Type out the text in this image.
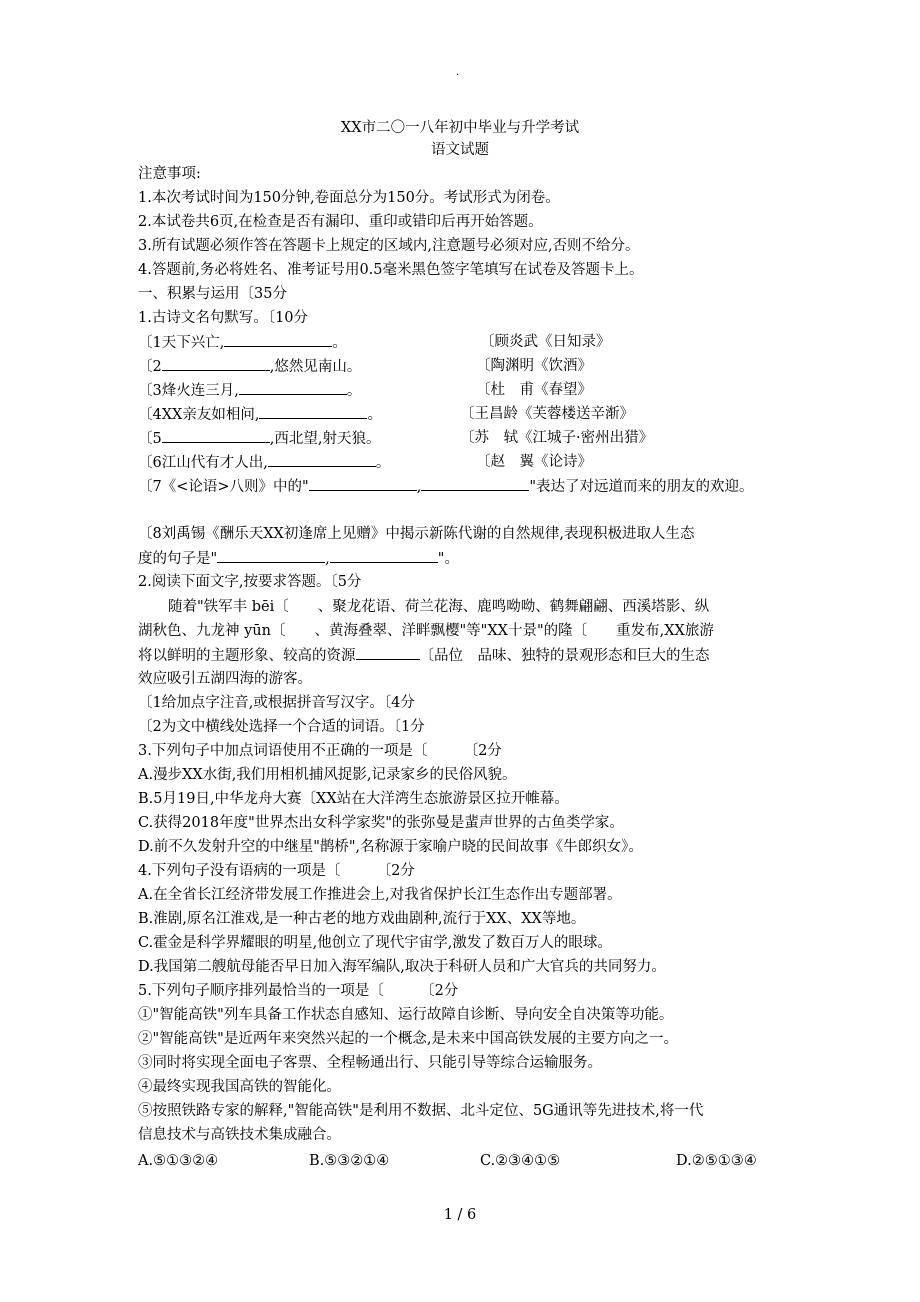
·
XX市二〇一八年初中毕业与升学考试
语文试题
注意事项:
1.本次考试时间为150分钟,卷面总分为150分。考试形式为闭卷。
2.本试卷共6页,在检查是否有漏印、重印或错印后再开始答题。
3.所有试题必须作答在答题卡上规定的区域内,注意题号必须对应,否则不给分。
4.答题前,务必将姓名、准考证号用0.5毫米黑色签字笔填写在试卷及答题卡上。
一、积累与运用〔35分
1.古诗文名句默写。〔10分
〔1天下兴亡,	。	〔顾炎武《日知录》
〔2	,悠然见南山。	〔陶渊明《饮酒》
〔3烽火连三月,	。	〔杜　甫《春望》
〔4XX亲友如相问,	。	〔王昌龄《芙蓉楼送辛渐》
〔5	,西北望,射天狼。	〔苏　轼《江城子·密州出猎》
〔6江山代有才人出,	。	〔赵　翼《论诗》
〔7《<论语>八则》中的"	,	"表达了对远道而来的朋友的欢迎。
〔8刘禹锡《酬乐天XX初逢席上见赠》中揭示新陈代谢的自然规律,表现积极进取人生态
度的句子是"	,	"。
2.阅读下面文字,按要求答题。〔5分
随着"铁军丰 bēi〔　　、聚龙花语、荷兰花海、鹿鸣呦呦、鹤舞翩翩、西溪塔影、纵
湖秋色、九龙神 yūn〔　　、黄海叠翠、洋畔飘樱"等"XX十景"的隆〔　　重发布,XX旅游
将以鲜明的主题形象、较高的资源	〔品位　品味、独特的景观形态和巨大的生态
效应吸引五湖四海的游客。
〔1给加点字注音,或根据拼音写汉字。〔4分
〔2为文中横线处选择一个合适的词语。〔1分
3.下列句子中加点词语使用不正确的一项是〔　　　〔2分
A.漫步XX水街,我们用相机捕风捉影,记录家乡的民俗风貌。
B.5月19日,中华龙舟大赛〔XX站在大洋湾生态旅游景区拉开帷幕。
C.获得2018年度"世界杰出女科学家奖"的张弥曼是蜚声世界的古鱼类学家。
D.前不久发射升空的中继星"鹊桥",名称源于家喻户晓的民间故事《牛郎织女》。
4.下列句子没有语病的一项是〔　　　〔2分
A.在全省长江经济带发展工作推进会上,对我省保护长江生态作出专题部署。
B.淮剧,原名江淮戏,是一种古老的地方戏曲剧种,流行于XX、XX等地。
C.霍金是科学界耀眼的明星,他创立了现代宇宙学,激发了数百万人的眼球。
D.我国第二艘航母能否早日加入海军编队,取决于科研人员和广大官兵的共同努力。
5.下列句子顺序排列最恰当的一项是〔　　　〔2分
①"智能高铁"列车具备工作状态自感知、运行故障自诊断、导向安全自决策等功能。
②"智能高铁"是近两年来突然兴起的一个概念,是未来中国高铁发展的主要方向之一。
③同时将实现全面电子客票、全程畅通出行、只能引导等综合运输服务。
④最终实现我国高铁的智能化。
⑤按照铁路专家的解释,"智能高铁"是利用不数据、北斗定位、5G通讯等先进技术,将一代
信息技术与高铁技术集成融合。
A.⑤①③②④	B.⑤③②①④	C.②③④①⑤	D.②⑤①③④
1 / 6
